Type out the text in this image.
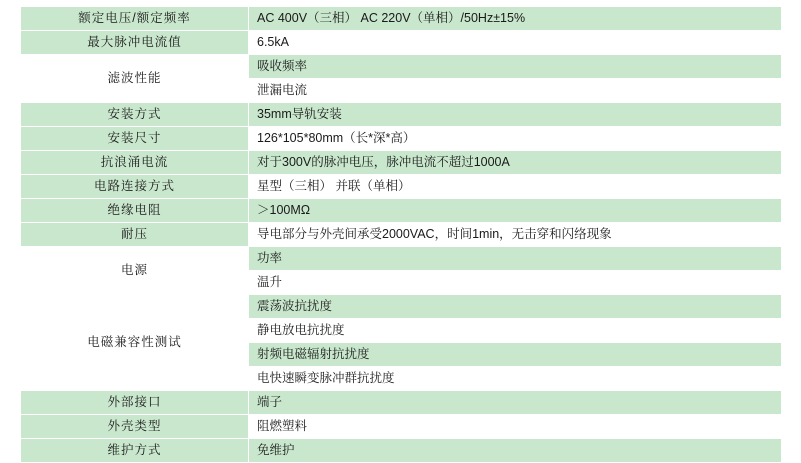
额定电压/额定频率	AC 400V（三相） AC 220V（单相）/50Hz±15%
最大脉冲电流值	6.5kA
滤波性能	吸收频率
	泄漏电流
安装方式	35mm导轨安装
安装尺寸	126*105*80mm（长*深*高）
抗浪涌电流	对于300V的脉冲电压，脉冲电流不超过1000A
电路连接方式	星型（三相） 并联（单相）
绝缘电阻	＞100MΩ
耐压	导电部分与外壳间承受2000VAC，时间1min，无击穿和闪络现象
电源	功率
	温升
电磁兼容性测试	震荡波抗扰度
	静电放电抗扰度
	射频电磁辐射抗扰度
	电快速瞬变脉冲群抗扰度
外部接口	端子
外壳类型	阻燃塑料
维护方式	免维护
